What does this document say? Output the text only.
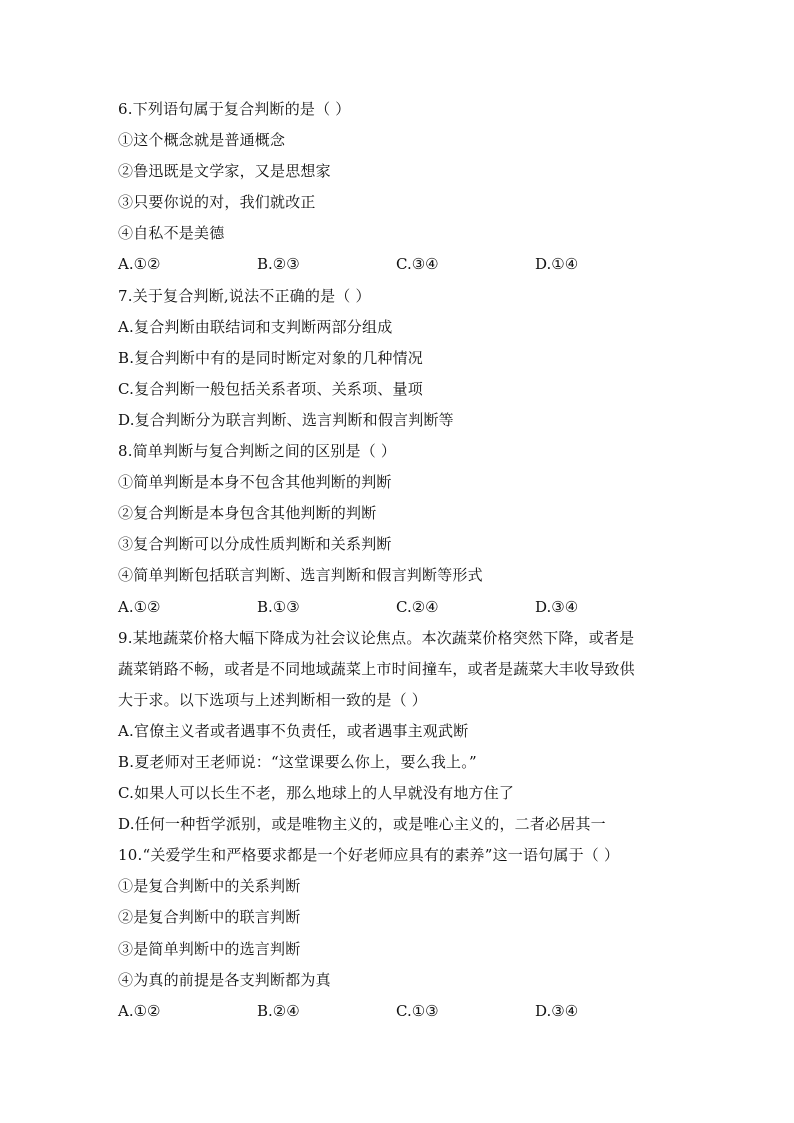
6.下列语句属于复合判断的是（ ）
①这个概念就是普通概念
②鲁迅既是文学家，又是思想家
③只要你说的对，我们就改正
④自私不是美德
A.①②	B.②③	C.③④	D.①④
7.关于复合判断,说法不正确的是（ ）
A.复合判断由联结词和支判断两部分组成
B.复合判断中有的是同时断定对象的几种情况
C.复合判断一般包括关系者项、关系项、量项
D.复合判断分为联言判断、选言判断和假言判断等
8.简单判断与复合判断之间的区别是（ ）
①简单判断是本身不包含其他判断的判断
②复合判断是本身包含其他判断的判断
③复合判断可以分成性质判断和关系判断
④简单判断包括联言判断、选言判断和假言判断等形式
A.①②	B.①③	C.②④	D.③④
9.某地蔬菜价格大幅下降成为社会议论焦点。本次蔬菜价格突然下降，或者是
蔬菜销路不畅，或者是不同地域蔬菜上市时间撞车，或者是蔬菜大丰收导致供
大于求。以下选项与上述判断相一致的是（ ）
A.官僚主义者或者遇事不负责任，或者遇事主观武断
B.夏老师对王老师说：“这堂课要么你上，要么我上。”
C.如果人可以长生不老，那么地球上的人早就没有地方住了
D.任何一种哲学派别，或是唯物主义的，或是唯心主义的，二者必居其一
10.“关爱学生和严格要求都是一个好老师应具有的素养”这一语句属于（ ）
①是复合判断中的关系判断
②是复合判断中的联言判断
③是简单判断中的选言判断
④为真的前提是各支判断都为真
A.①②	B.②④	C.①③	D.③④
